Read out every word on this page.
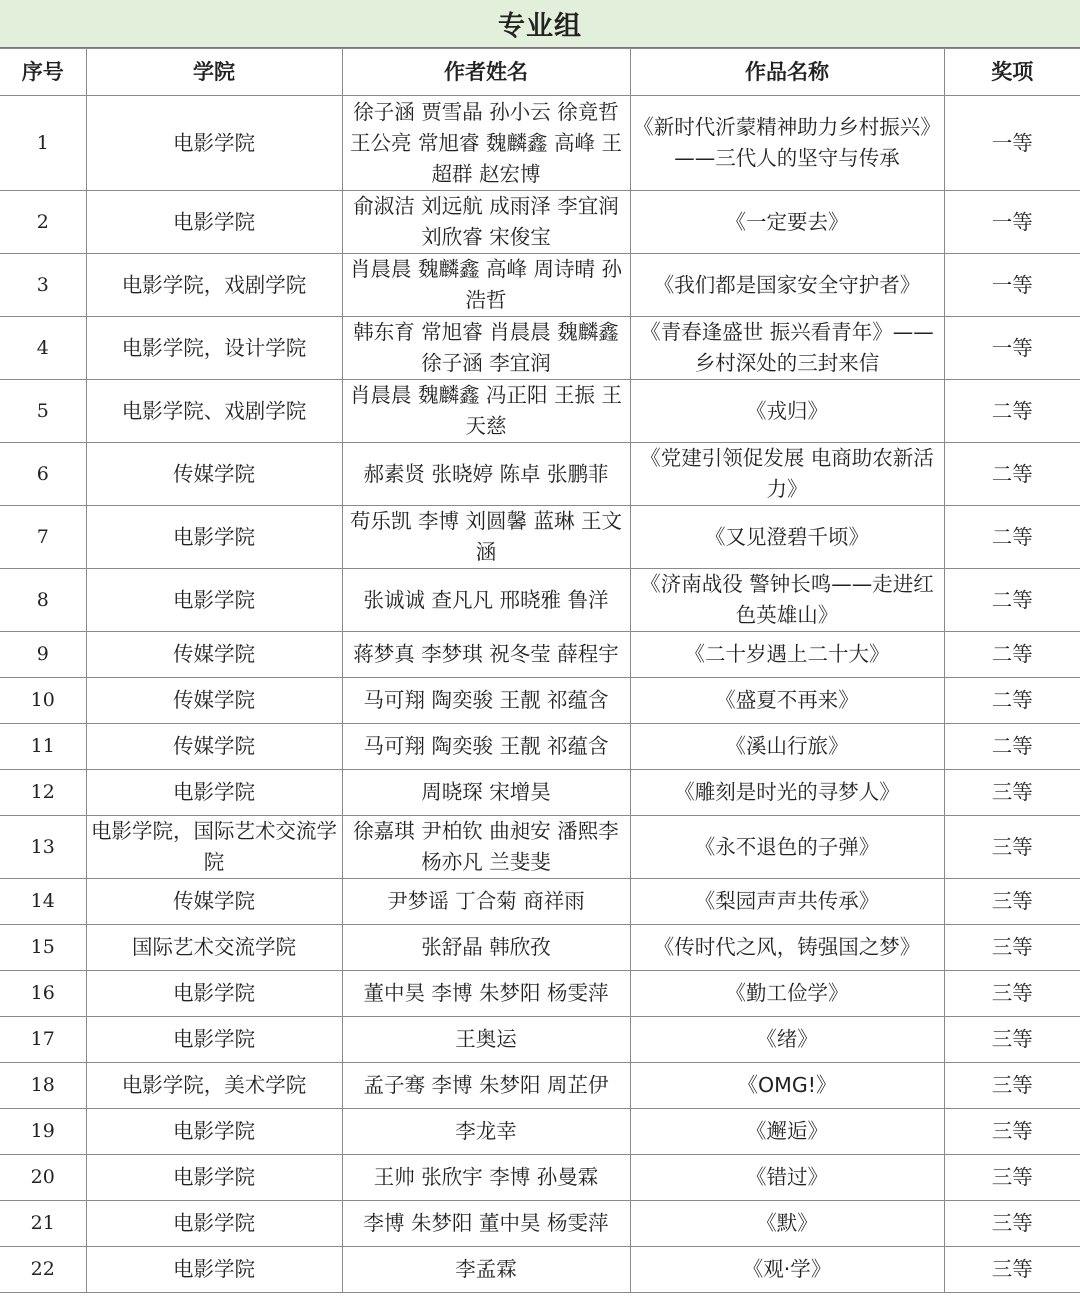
专业组
序号	学院	作者姓名	作品名称	奖项
1	电影学院	徐子涵 贾雪晶 孙小云 徐竟哲 王公亮 常旭睿 魏麟鑫 高峰 王超群 赵宏博	《新时代沂蒙精神助力乡村振兴》——三代人的坚守与传承	一等
2	电影学院	俞淑洁 刘远航 成雨泽 李宜润 刘欣睿 宋俊宝	《一定要去》	一等
3	电影学院，戏剧学院	肖晨晨 魏麟鑫 高峰 周诗晴 孙浩哲	《我们都是国家安全守护者》	一等
4	电影学院，设计学院	韩东育 常旭睿 肖晨晨 魏麟鑫 徐子涵 李宜润	《青春逢盛世 振兴看青年》——乡村深处的三封来信	一等
5	电影学院、戏剧学院	肖晨晨 魏麟鑫 冯正阳 王振 王天慈	《戎归》	二等
6	传媒学院	郝素贤 张晓婷 陈卓 张鹏菲	《党建引领促发展 电商助农新活力》	二等
7	电影学院	苟乐凯 李博 刘圆馨 蓝琳 王文涵	《又见澄碧千顷》	二等
8	电影学院	张诚诚 查凡凡 邢晓雅 鲁洋	《济南战役 警钟长鸣——走进红色英雄山》	二等
9	传媒学院	蒋梦真 李梦琪 祝冬莹 薛程宇	《二十岁遇上二十大》	二等
10	传媒学院	马可翔 陶奕骏 王靓 祁蕴含	《盛夏不再来》	二等
11	传媒学院	马可翔 陶奕骏 王靓 祁蕴含	《溪山行旅》	二等
12	电影学院	周晓琛 宋增昊	《雕刻是时光的寻梦人》	三等
13	电影学院，国际艺术交流学院	徐嘉琪 尹柏钦 曲昶安 潘熙李 杨亦凡 兰斐斐	《永不退色的子弹》	三等
14	传媒学院	尹梦谣 丁合菊 商祥雨	《梨园声声共传承》	三等
15	国际艺术交流学院	张舒晶 韩欣孜	《传时代之风，铸强国之梦》	三等
16	电影学院	董中昊 李博 朱梦阳 杨雯萍	《勤工俭学》	三等
17	电影学院	王奥运	《绪》	三等
18	电影学院，美术学院	孟子骞 李博 朱梦阳 周芷伊	《OMG!》	三等
19	电影学院	李龙幸	《邂逅》	三等
20	电影学院	王帅 张欣宇 李博 孙曼霖	《错过》	三等
21	电影学院	李博 朱梦阳 董中昊 杨雯萍	《默》	三等
22	电影学院	李孟霖	《观·学》	三等
